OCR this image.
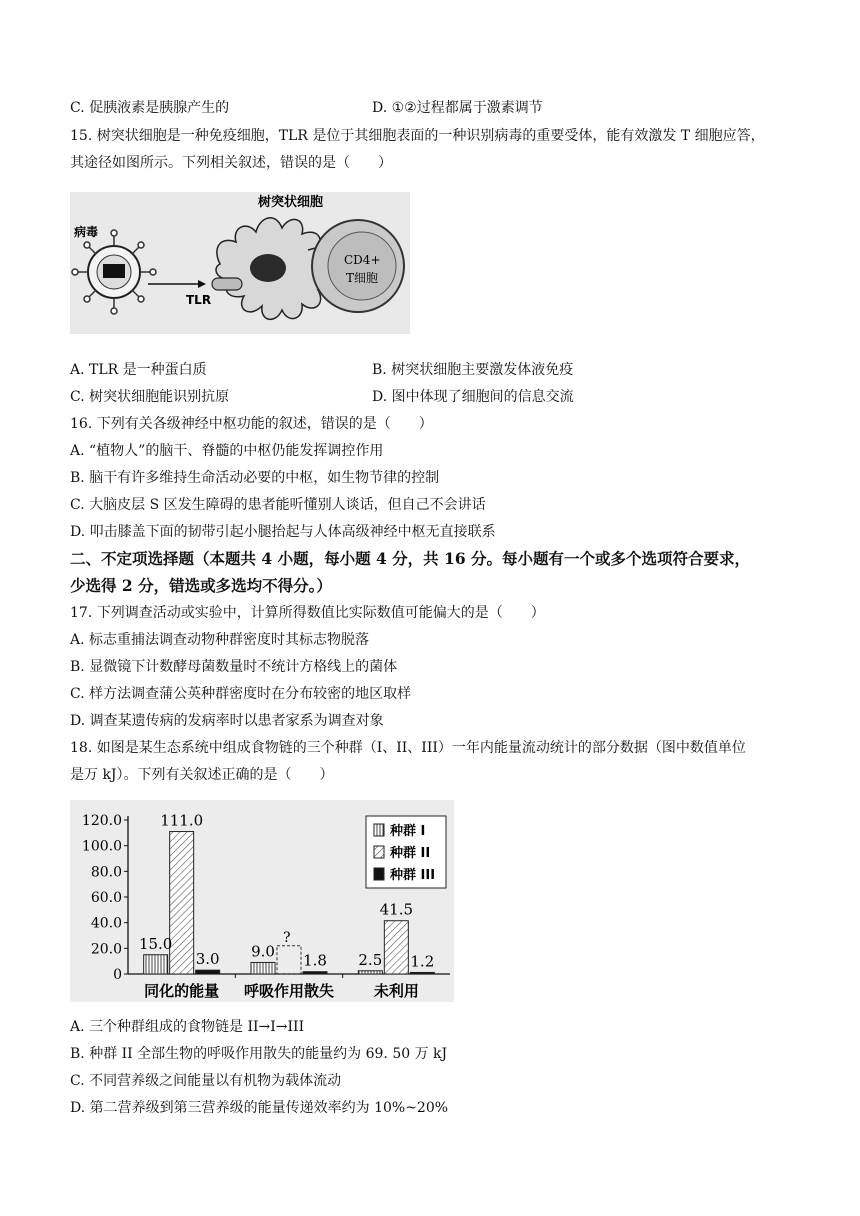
C. 促胰液素是胰腺产生的	D. ①②过程都属于激素调节
15. 树突状细胞是一种免疫细胞，TLR 是位于其细胞表面的一种识别病毒的重要受体，能有效激发 T 细胞应答，
其途径如图所示。下列相关叙述，错误的是（　　）
树突状细胞
病毒
TLR
CD4+
T细胞
A. TLR 是一种蛋白质	B. 树突状细胞主要激发体液免疫
C. 树突状细胞能识别抗原	D. 图中体现了细胞间的信息交流
16. 下列有关各级神经中枢功能的叙述，错误的是（　　）
A. “植物人”的脑干、脊髓的中枢仍能发挥调控作用
B. 脑干有许多维持生命活动必要的中枢，如生物节律的控制
C. 大脑皮层 S 区发生障碍的患者能听懂别人谈话，但自己不会讲话
D. 叩击膝盖下面的韧带引起小腿抬起与人体高级神经中枢无直接联系
二、不定项选择题（本题共 4 小题，每小题 4 分，共 16 分。每小题有一个或多个选项符合要求，
少选得 2 分，错选或多选均不得分。）
17. 下列调查活动或实验中，计算所得数值比实际数值可能偏大的是（　　）
A. 标志重捕法调查动物种群密度时其标志物脱落
B. 显微镜下计数酵母菌数量时不统计方格线上的菌体
C. 样方法调查蒲公英种群密度时在分布较密的地区取样
D. 调查某遗传病的发病率时以患者家系为调查对象
18. 如图是某生态系统中组成食物链的三个种群（I、II、III）一年内能量流动统计的部分数据（图中数值单位
是万 kJ）。下列有关叙述正确的是（　　）
0
20.0
40.0
60.0
80.0
100.0
120.0
15.0
111.0
3.0
同化的能量
9.0
?
1.8
呼吸作用散失
2.5
41.5
1.2
未利用
种群 I
种群 II
种群 III
A. 三个种群组成的食物链是 II→I→III
B. 种群 II 全部生物的呼吸作用散失的能量约为 69. 50 万 kJ
C. 不同营养级之间能量以有机物为载体流动
D. 第二营养级到第三营养级的能量传递效率约为 10%~20%
